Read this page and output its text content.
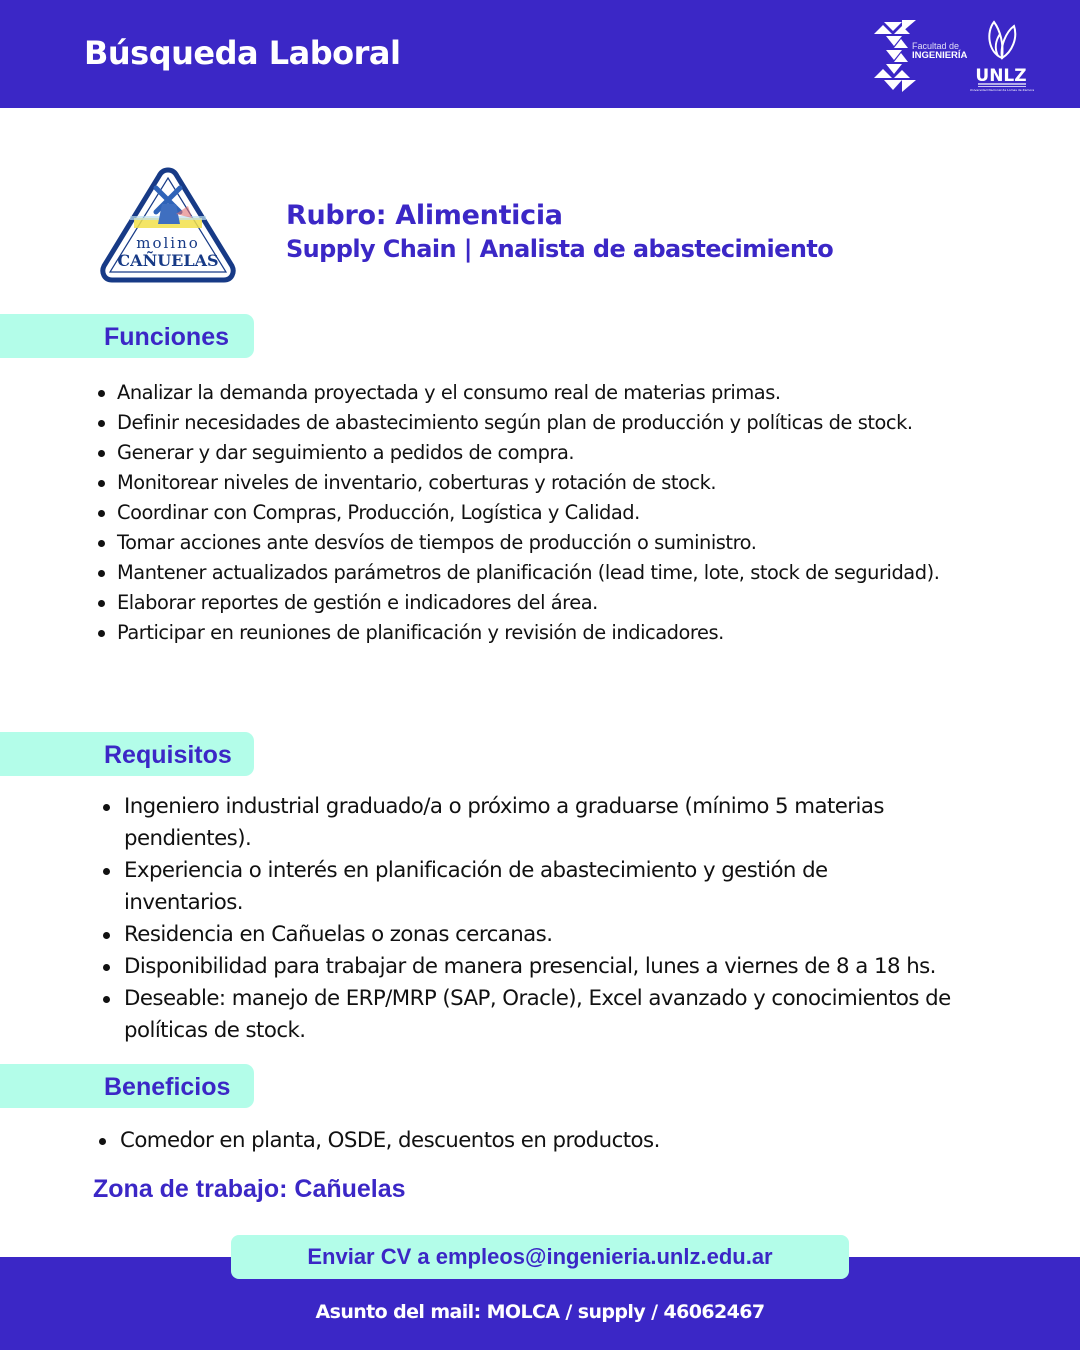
Búsqueda Laboral	Facultad de
INGENIERÍA
UNLZ
Universidad Nacional de Lomas de Zamora
molino
CAÑUELAS
Rubro: Alimenticia
Supply Chain | Analista de abastecimiento
Funciones
Analizar la demanda proyectada y el consumo real de materias primas.
Definir necesidades de abastecimiento según plan de producción y políticas de stock.
Generar y dar seguimiento a pedidos de compra.
Monitorear niveles de inventario, coberturas y rotación de stock.
Coordinar con Compras, Producción, Logística y Calidad.
Tomar acciones ante desvíos de tiempos de producción o suministro.
Mantener actualizados parámetros de planificación (lead time, lote, stock de seguridad).
Elaborar reportes de gestión e indicadores del área.
Participar en reuniones de planificación y revisión de indicadores.
Requisitos
Ingeniero industrial graduado/a o próximo a graduarse (mínimo 5 materias pendientes).
Experiencia o interés en planificación de abastecimiento y gestión de inventarios.
Residencia en Cañuelas o zonas cercanas.
Disponibilidad para trabajar de manera presencial, lunes a viernes de 8 a 18 hs.
Deseable: manejo de ERP/MRP (SAP, Oracle), Excel avanzado y conocimientos de políticas de stock.
Beneficios
Comedor en planta, OSDE, descuentos en productos.
Zona de trabajo: Cañuelas
Enviar CV a empleos@ingenieria.unlz.edu.ar
Asunto del mail: MOLCA / supply / 46062467
